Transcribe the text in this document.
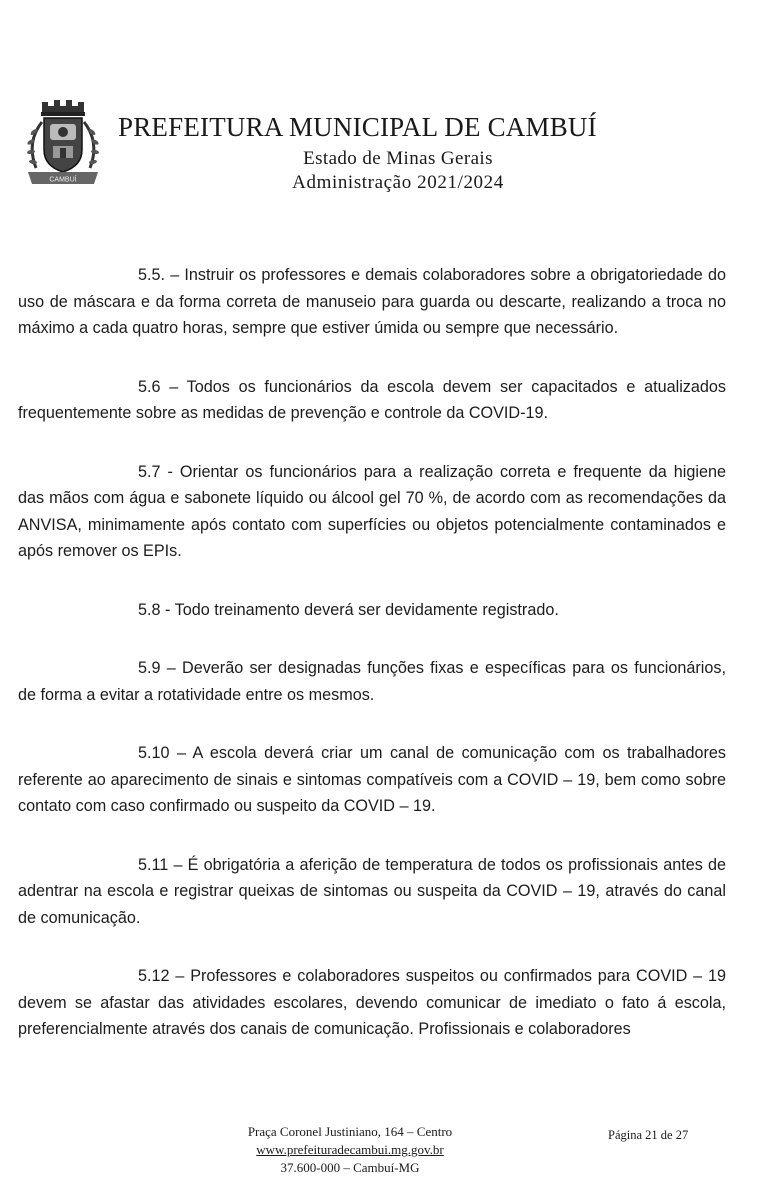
CAMBUÍ
PREFEITURA MUNICIPAL DE CAMBUÍ
Estado de Minas Gerais
Administração 2021/2024

5.5. – Instruir os professores e demais colaboradores sobre a obrigatoriedade do uso de máscara e da forma correta de manuseio para guarda ou descarte, realizando a troca no máximo a cada quatro horas, sempre que estiver úmida ou sempre que necessário.

5.6 – Todos os funcionários da escola devem ser capacitados e atualizados frequentemente sobre as medidas de prevenção e controle da COVID-19.

5.7 - Orientar os funcionários para a realização correta e frequente da higiene das mãos com água e sabonete líquido ou álcool gel 70 %, de acordo com as recomendações da ANVISA, minimamente após contato com superfícies ou objetos potencialmente contaminados e após remover os EPIs.

5.8 - Todo treinamento deverá ser devidamente registrado.

5.9 – Deverão ser designadas funções fixas e específicas para os funcionários, de forma a evitar a rotatividade entre os mesmos.

5.10 – A escola deverá criar um canal de comunicação com os trabalhadores referente ao aparecimento de sinais e sintomas compatíveis com a COVID – 19, bem como sobre contato com caso confirmado ou suspeito da COVID – 19.

5.11 – É obrigatória a aferição de temperatura de todos os profissionais antes de adentrar na escola e registrar queixas de sintomas ou suspeita da COVID – 19, através do canal de comunicação.

5.12 – Professores e colaboradores suspeitos ou confirmados para COVID – 19 devem se afastar das atividades escolares, devendo comunicar de imediato o fato á escola, preferencialmente através dos canais de comunicação. Profissionais e colaboradores

Praça Coronel Justiniano, 164 – Centro
www.prefeituradecambui.mg.gov.br
37.600-000 – Cambuí-MG
Página 21 de 27
